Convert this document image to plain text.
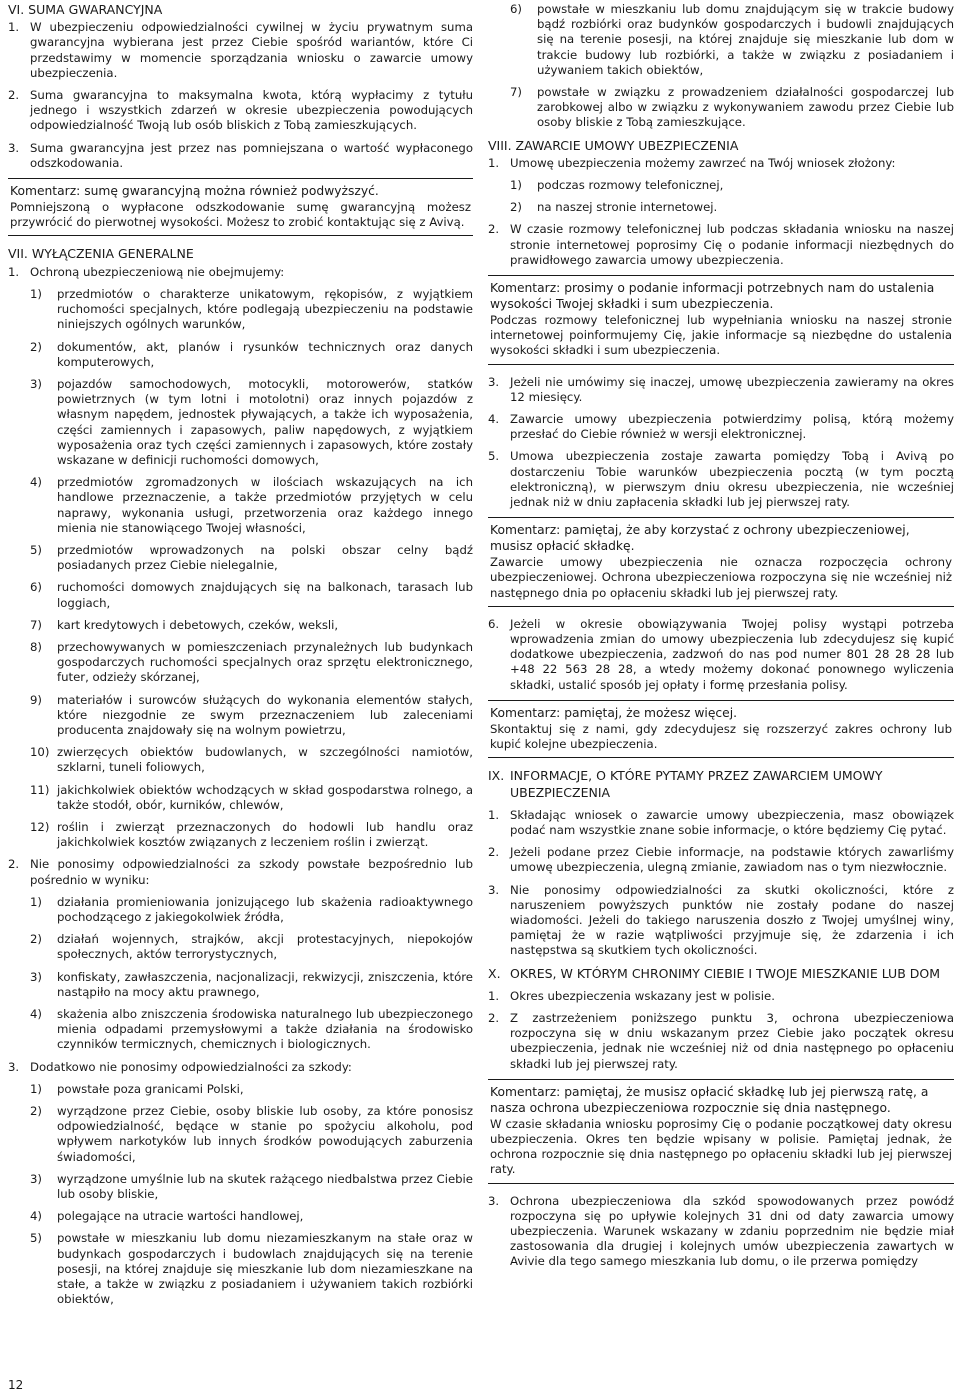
VI. SUMA GWARANCYJNA
1. W ubezpieczeniu odpowiedzialności cywilnej w życiu prywatnym suma gwarancyjna wybierana jest przez Ciebie spośród wariantów, które Ci przedstawimy w momencie sporządzania wniosku o zawarcie umowy ubezpieczenia.
2. Suma gwarancyjna to maksymalna kwota, którą wypłacimy z tytułu jednego i wszystkich zdarzeń w okresie ubezpieczenia powodujących odpowiedzialność Twoją lub osób bliskich z Tobą zamieszkujących.
3. Suma gwarancyjna jest przez nas pomniejszana o wartość wypłaconego odszkodowania.
Komentarz: sumę gwarancyjną można również podwyższyć.
Pomniejszoną o wypłacone odszkodowanie sumę gwarancyjną możesz przywrócić do pierwotnej wysokości. Możesz to zrobić kontaktując się z Avivą.
VII. WYŁĄCZENIA GENERALNE
1. Ochroną ubezpieczeniową nie obejmujemy:
1)	przedmiotów o charakterze unikatowym, rękopisów, z wyjątkiem ruchomości specjalnych, które podlegają ubezpieczeniu na podstawie niniejszych ogólnych warunków,
2)	dokumentów, akt, planów i rysunków technicznych oraz danych komputerowych,
3)	pojazdów samochodowych, motocykli, motorowerów, statków powietrznych (w tym lotni i motolotni) oraz innych pojazdów z własnym napędem, jednostek pływających, a także ich wyposażenia, części zamiennych i zapasowych, paliw napędowych, z wyjątkiem wyposażenia oraz tych części zamiennych i zapasowych, które zostały wskazane w definicji ruchomości domowych,
4)	przedmiotów zgromadzonych w ilościach wskazujących na ich handlowe przeznaczenie, a także przedmiotów przyjętych w celu naprawy, wykonania usługi, przetworzenia oraz każdego innego mienia nie stanowiącego Twojej własności,
5)	przedmiotów wprowadzonych na polski obszar celny bądź posiadanych przez Ciebie nielegalnie,
6)	ruchomości domowych znajdujących się na balkonach, tarasach lub loggiach,
7)	kart kredytowych i debetowych, czeków, weksli,
8)	przechowywanych w pomieszczeniach przynależnych lub budynkach gospodarczych ruchomości specjalnych oraz sprzętu elektronicznego, futer, odzieży skórzanej,
9)	materiałów i surowców służących do wykonania elementów stałych, które niezgodnie ze swym przeznaczeniem lub zaleceniami producenta znajdowały się na wolnym powietrzu,
10) zwierzęcych obiektów budowlanych, w szczególności namiotów, szklarni, tuneli foliowych,
11) jakichkolwiek obiektów wchodzących w skład gospodarstwa rolnego, a także stodół, obór, kurników, chlewów,
12) roślin i zwierząt przeznaczonych do hodowli lub handlu oraz jakichkolwiek kosztów związanych z leczeniem roślin i zwierząt.
2. Nie ponosimy odpowiedzialności za szkody powstałe bezpośrednio lub pośrednio w wyniku:
1)	działania promieniowania jonizującego lub skażenia radioaktywnego pochodzącego z jakiegokolwiek źródła,
2)	działań wojennych, strajków, akcji protestacyjnych, niepokojów społecznych, aktów terrorystycznych,
3)	konfiskaty, zawłaszczenia, nacjonalizacji, rekwizycji, zniszczenia, które nastąpiło na mocy aktu prawnego,
4)	skażenia albo zniszczenia środowiska naturalnego lub ubezpieczonego mienia odpadami przemysłowymi a także działania na środowisko czynników termicznych, chemicznych i biologicznych.
3. Dodatkowo nie ponosimy odpowiedzialności za szkody:
1)	powstałe poza granicami Polski,
2)	wyrządzone przez Ciebie, osoby bliskie lub osoby, za które ponosisz odpowiedzialność, będące w stanie po spożyciu alkoholu, pod wpływem narkotyków lub innych środków powodujących zaburzenia świadomości,
3)	wyrządzone umyślnie lub na skutek rażącego niedbalstwa przez Ciebie lub osoby bliskie,
4)	polegające na utracie wartości handlowej,
5)	powstałe w mieszkaniu lub domu niezamieszkanym na stałe oraz w budynkach gospodarczych i budowlach znajdujących się na terenie posesji, na której znajduje się mieszkanie lub dom niezamieszkane na stałe, a także w związku z posiadaniem i używaniem takich rozbiórki obiektów,
6)	powstałe w mieszkaniu lub domu znajdującym się w trakcie budowy bądź rozbiórki oraz budynków gospodarczych i budowli znajdujących się na terenie posesji, na której znajduje się mieszkanie lub dom w trakcie budowy lub rozbiórki, a także w związku z posiadaniem i używaniem takich obiektów,
7)	powstałe w związku z prowadzeniem działalności gospodarczej lub zarobkowej albo w związku z wykonywaniem zawodu przez Ciebie lub osoby bliskie z Tobą zamieszkujące.
VIII. ZAWARCIE UMOWY UBEZPIECZENIA
1. Umowę ubezpieczenia możemy zawrzeć na Twój wniosek złożony:
1)	podczas rozmowy telefonicznej,
2)	na naszej stronie internetowej.
2. W czasie rozmowy telefonicznej lub podczas składania wniosku na naszej stronie internetowej poprosimy Cię o podanie informacji niezbędnych do prawidłowego zawarcia umowy ubezpieczenia.
Komentarz: prosimy o podanie informacji potrzebnych nam do ustalenia wysokości Twojej składki i sum ubezpieczenia.
Podczas rozmowy telefonicznej lub wypełniania wniosku na naszej stronie internetowej poinformujemy Cię, jakie informacje są niezbędne do ustalenia wysokości składki i sum ubezpieczenia.
3. Jeżeli nie umówimy się inaczej, umowę ubezpieczenia zawieramy na okres 12 miesięcy.
4. Zawarcie umowy ubezpieczenia potwierdzimy polisą, którą możemy przesłać do Ciebie również w wersji elektronicznej.
5. Umowa ubezpieczenia zostaje zawarta pomiędzy Tobą i Avivą po dostarczeniu Tobie warunków ubezpieczenia pocztą (w tym pocztą elektroniczną), w pierwszym dniu okresu ubezpieczenia, nie wcześniej jednak niż w dniu zapłacenia składki lub jej pierwszej raty.
Komentarz: pamiętaj, że aby korzystać z ochrony ubezpieczeniowej, musisz opłacić składkę.
Zawarcie umowy ubezpieczenia nie oznacza rozpoczęcia ochrony ubezpieczeniowej. Ochrona ubezpieczeniowa rozpoczyna się nie wcześniej niż następnego dnia po opłaceniu składki lub jej pierwszej raty.
6. Jeżeli w okresie obowiązywania Twojej polisy wystąpi potrzeba wprowadzenia zmian do umowy ubezpieczenia lub zdecydujesz się kupić dodatkowe ubezpieczenia, zadzwoń do nas pod numer 801 28 28 28 lub +48 22 563 28 28, a wtedy możemy dokonać ponownego wyliczenia składki, ustalić sposób jej opłaty i formę przesłania polisy.
Komentarz: pamiętaj, że możesz więcej.
Skontaktuj się z nami, gdy zdecydujesz się rozszerzyć zakres ochrony lub kupić kolejne ubezpieczenia.
IX. INFORMACJE, O KTÓRE PYTAMY PRZEZ ZAWARCIEM UMOWY UBEZPIECZENIA
1. Składając wniosek o zawarcie umowy ubezpieczenia, masz obowiązek podać nam wszystkie znane sobie informacje, o które będziemy Cię pytać.
2. Jeżeli podane przez Ciebie informacje, na podstawie których zawarliśmy umowę ubezpieczenia, ulegną zmianie, zawiadom nas o tym niezwłocznie.
3. Nie ponosimy odpowiedzialności za skutki okoliczności, które z naruszeniem powyższych punktów nie zostały podane do naszej wiadomości. Jeżeli do takiego naruszenia doszło z Twojej umyślnej winy, pamiętaj że w razie wątpliwości przyjmuje się, że zdarzenia i ich następstwa są skutkiem tych okoliczności.
X. OKRES, W KTÓRYM CHRONIMY CIEBIE I TWOJE MIESZKANIE LUB DOM
1. Okres ubezpieczenia wskazany jest w polisie.
2. Z zastrzeżeniem poniższego punktu 3, ochrona ubezpieczeniowa rozpoczyna się w dniu wskazanym przez Ciebie jako początek okresu ubezpieczenia, jednak nie wcześniej niż od dnia następnego po opłaceniu składki lub jej pierwszej raty.
Komentarz: pamiętaj, że musisz opłacić składkę lub jej pierwszą ratę, a nasza ochrona ubezpieczeniowa rozpocznie się dnia następnego.
W czasie składania wniosku poprosimy Cię o podanie początkowej daty okresu ubezpieczenia. Okres ten będzie wpisany w polisie. Pamiętaj jednak, że ochrona rozpocznie się dnia następnego po opłaceniu składki lub jej pierwszej raty.
3. Ochrona ubezpieczeniowa dla szkód spowodowanych przez powódź rozpoczyna się po upływie kolejnych 31 dni od daty zawarcia umowy ubezpieczenia. Warunek wskazany w zdaniu poprzednim nie będzie miał zastosowania dla drugiej i kolejnych umów ubezpieczenia zawartych w Avivie dla tego samego mieszkania lub domu, o ile przerwa pomiędzy
12
